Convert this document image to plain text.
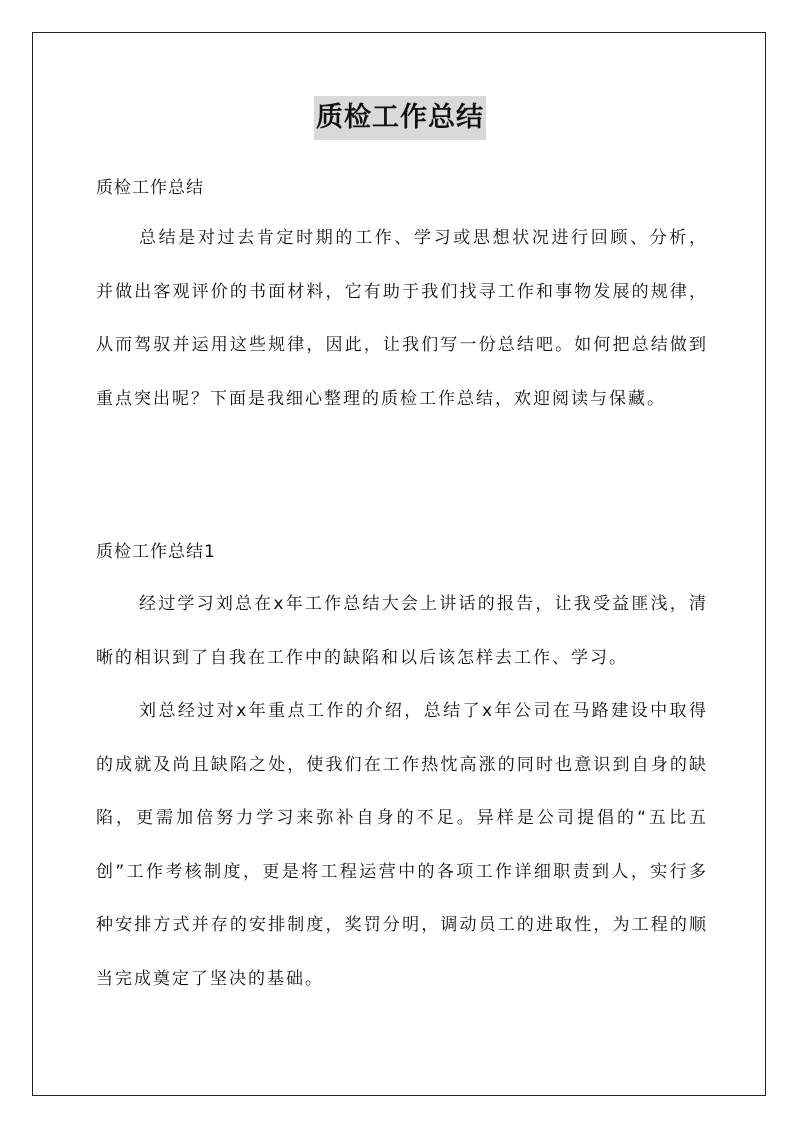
质检工作总结
质检工作总结

总结是对过去肯定时期的工作、学习或思想状况进行回顾、分析，并做出客观评价的书面材料，它有助于我们找寻工作和事物发展的规律，从而驾驭并运用这些规律，因此，让我们写一份总结吧。如何把总结做到重点突出呢？下面是我细心整理的质检工作总结，欢迎阅读与保藏。

质检工作总结1

经过学习刘总在x年工作总结大会上讲话的报告，让我受益匪浅，清晰的相识到了自我在工作中的缺陷和以后该怎样去工作、学习。

刘总经过对x年重点工作的介绍，总结了x年公司在马路建设中取得的成就及尚且缺陷之处，使我们在工作热忱高涨的同时也意识到自身的缺陷，更需加倍努力学习来弥补自身的不足。异样是公司提倡的“五比五创”工作考核制度，更是将工程运营中的各项工作详细职责到人，实行多种安排方式并存的安排制度，奖罚分明，调动员工的进取性，为工程的顺当完成奠定了坚决的基础。
